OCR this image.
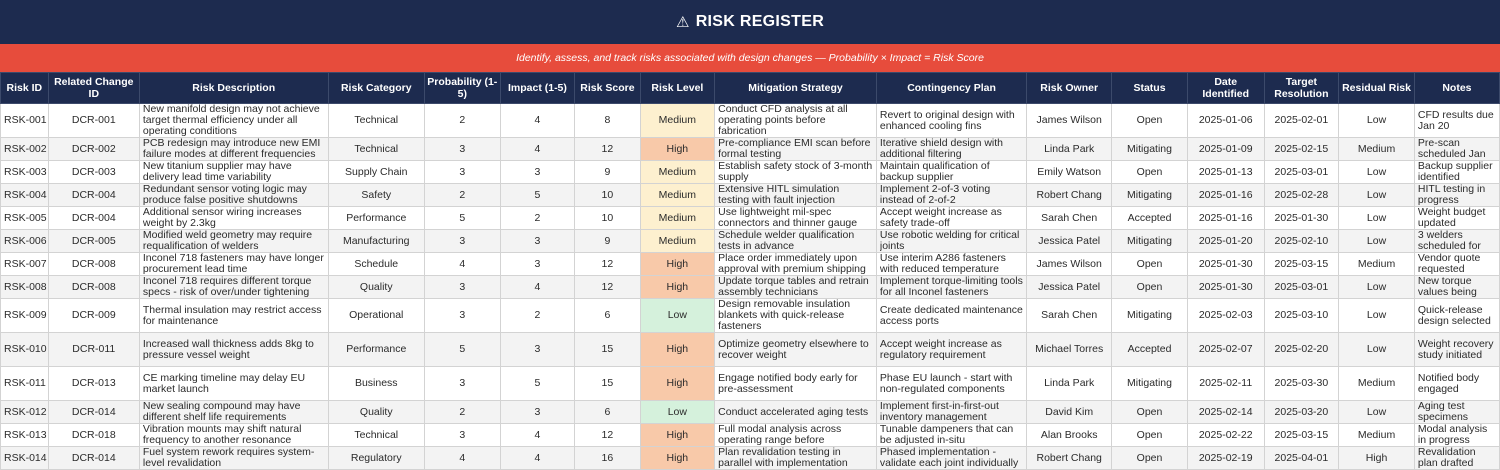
⚠ RISK REGISTER
Identify, assess, and track risks associated with design changes — Probability × Impact = Risk Score
Risk ID	Related Change ID	Risk Description	Risk Category	Probability (1-5)	Impact (1-5)	Risk Score	Risk Level	Mitigation Strategy	Contingency Plan	Risk Owner	Status	Date Identified	Target Resolution	Residual Risk	Notes
RSK-001	DCR-001	New manifold design may not achieve target thermal efficiency under all operating conditions	Technical	2	4	8	Medium	Conduct CFD analysis at all operating points before fabrication	Revert to original design with enhanced cooling fins	James Wilson	Open	2025-01-06	2025-02-01	Low	CFD results due Jan 20

RSK-002	DCR-002	PCB redesign may introduce new EMI failure modes at different frequencies	Technical	3	4	12	High	Pre-compliance EMI scan before formal testing	Iterative shield design with additional filtering	Linda Park	Mitigating	2025-01-09	2025-02-15	Medium	Pre-scan scheduled Jan

RSK-003	DCR-003	New titanium supplier may have delivery lead time variability	Supply Chain	3	3	9	Medium	Establish safety stock of 3-month supply	Maintain qualification of backup supplier	Emily Watson	Open	2025-01-13	2025-03-01	Low	Backup supplier identified

RSK-004	DCR-004	Redundant sensor voting logic may produce false positive shutdowns	Safety	2	5	10	Medium	Extensive HITL simulation testing with fault injection	Implement 2-of-3 voting instead of 2-of-2	Robert Chang	Mitigating	2025-01-16	2025-02-28	Low	HITL testing in progress

RSK-005	DCR-004	Additional sensor wiring increases weight by 2.3kg	Performance	5	2	10	Medium	Use lightweight mil-spec connectors and thinner gauge	Accept weight increase as safety trade-off	Sarah Chen	Accepted	2025-01-16	2025-01-30	Low	Weight budget updated

RSK-006	DCR-005	Modified weld geometry may require requalification of welders	Manufacturing	3	3	9	Medium	Schedule welder qualification tests in advance	Use robotic welding for critical joints	Jessica Patel	Mitigating	2025-01-20	2025-02-10	Low	3 welders scheduled for

RSK-007	DCR-008	Inconel 718 fasteners may have longer procurement lead time	Schedule	4	3	12	High	Place order immediately upon approval with premium shipping	Use interim A286 fasteners with reduced temperature	James Wilson	Open	2025-01-30	2025-03-15	Medium	Vendor quote requested

RSK-008	DCR-008	Inconel 718 requires different torque specs - risk of over/under tightening	Quality	3	4	12	High	Update torque tables and retrain assembly technicians	Implement torque-limiting tools for all Inconel fasteners	Jessica Patel	Open	2025-01-30	2025-03-01	Low	New torque values being

RSK-009	DCR-009	Thermal insulation may restrict access for maintenance	Operational	3	2	6	Low	Design removable insulation blankets with quick-release fasteners	Create dedicated maintenance access ports	Sarah Chen	Mitigating	2025-02-03	2025-03-10	Low	Quick-release design selected

RSK-010	DCR-011	Increased wall thickness adds 8kg to pressure vessel weight	Performance	5	3	15	High	Optimize geometry elsewhere to recover weight	Accept weight increase as regulatory requirement	Michael Torres	Accepted	2025-02-07	2025-02-20	Low	Weight recovery study initiated

RSK-011	DCR-013	CE marking timeline may delay EU market launch	Business	3	5	15	High	Engage notified body early for pre-assessment	Phase EU launch - start with non-regulated components	Linda Park	Mitigating	2025-02-11	2025-03-30	Medium	Notified body engaged

RSK-012	DCR-014	New sealing compound may have different shelf life requirements	Quality	2	3	6	Low	Conduct accelerated aging tests	Implement first-in-first-out inventory management	David Kim	Open	2025-02-14	2025-03-20	Low	Aging test specimens

RSK-013	DCR-018	Vibration mounts may shift natural frequency to another resonance	Technical	3	4	12	High	Full modal analysis across operating range before	Tunable dampeners that can be adjusted in-situ	Alan Brooks	Open	2025-02-22	2025-03-15	Medium	Modal analysis in progress

RSK-014	DCR-014	Fuel system rework requires system-level revalidation	Regulatory	4	4	16	High	Plan revalidation testing in parallel with implementation	Phased implementation - validate each joint individually	Robert Chang	Open	2025-02-19	2025-04-01	High	Revalidation plan drafted
